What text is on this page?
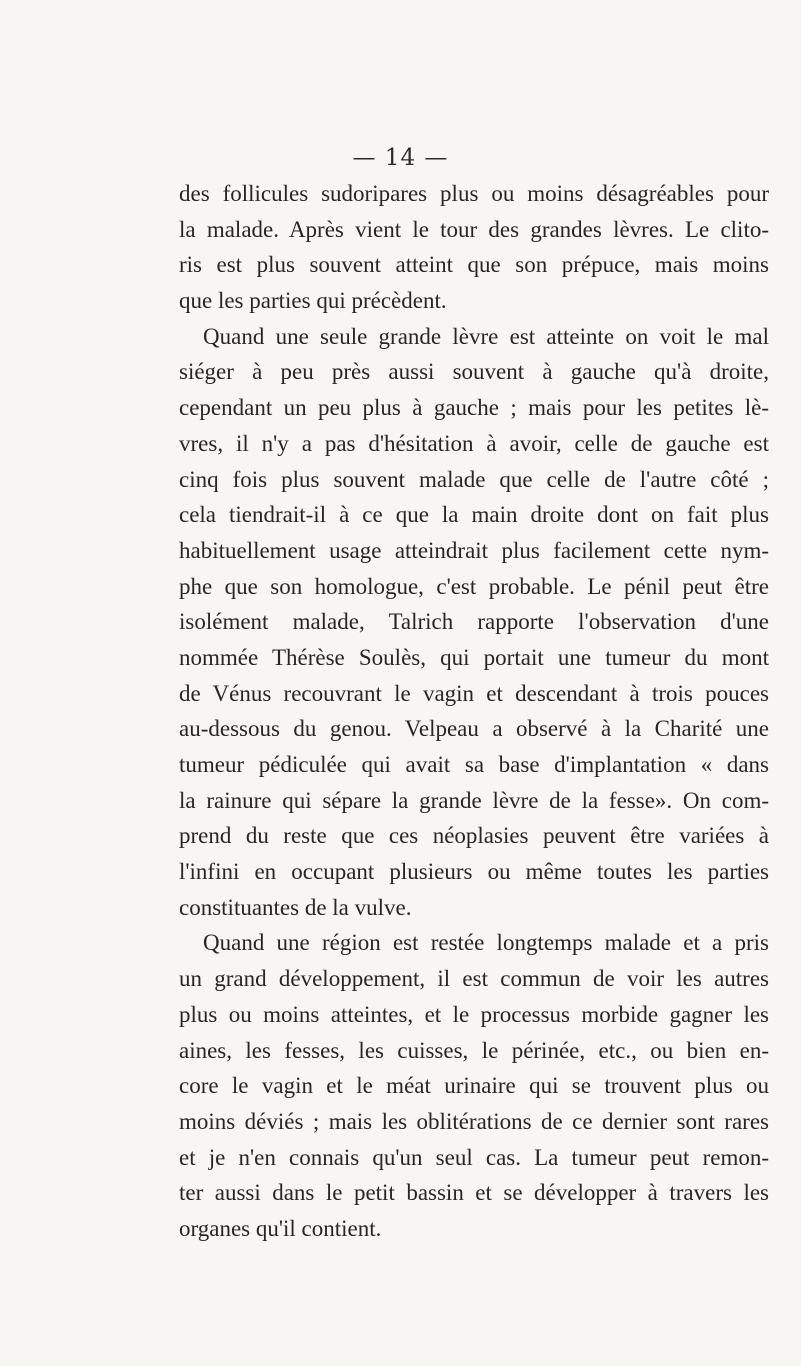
— 14 —
des follicules sudoripares plus ou moins désagréables pour
la malade. Après vient le tour des grandes lèvres. Le clito-
ris est plus souvent atteint que son prépuce, mais moins
que les parties qui précèdent.
Quand une seule grande lèvre est atteinte on voit le mal
siéger à peu près aussi souvent à gauche qu'à droite,
cependant un peu plus à gauche ; mais pour les petites lè-
vres, il n'y a pas d'hésitation à avoir, celle de gauche est
cinq fois plus souvent malade que celle de l'autre côté ;
cela tiendrait-il à ce que la main droite dont on fait plus
habituellement usage atteindrait plus facilement cette nym-
phe que son homologue, c'est probable. Le pénil peut être
isolément malade, Talrich rapporte l'observation d'une
nommée Thérèse Soulès, qui portait une tumeur du mont
de Vénus recouvrant le vagin et descendant à trois pouces
au-dessous du genou. Velpeau a observé à la Charité une
tumeur pédiculée qui avait sa base d'implantation « dans
la rainure qui sépare la grande lèvre de la fesse». On com-
prend du reste que ces néoplasies peuvent être variées à
l'infini en occupant plusieurs ou même toutes les parties
constituantes de la vulve.
Quand une région est restée longtemps malade et a pris
un grand développement, il est commun de voir les autres
plus ou moins atteintes, et le processus morbide gagner les
aines, les fesses, les cuisses, le périnée, etc., ou bien en-
core le vagin et le méat urinaire qui se trouvent plus ou
moins déviés ; mais les oblitérations de ce dernier sont rares
et je n'en connais qu'un seul cas. La tumeur peut remon-
ter aussi dans le petit bassin et se développer à travers les
organes qu'il contient.
